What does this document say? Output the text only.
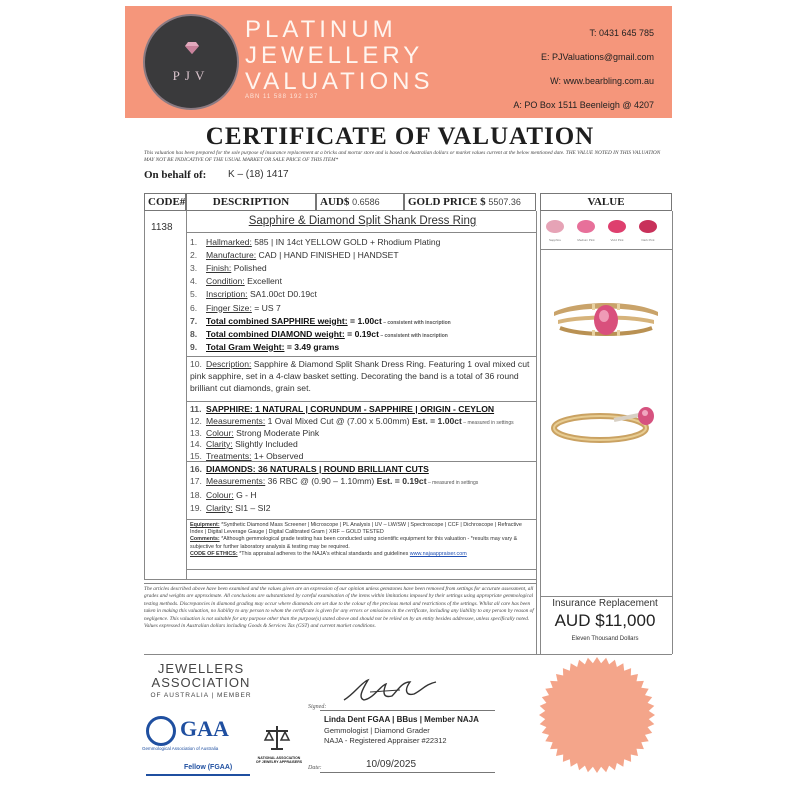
PJV
PLATINUM
JEWELLERY
VALUATIONS
ABN 11 588 192 137
T: 0431 645 785
E: PJValuations@gmail.com
W: www.bearbling.com.au
A: PO Box 1511 Beenleigh @ 4207
CERTIFICATE OF VALUATION
This valuation has been prepared for the sole purpose of insurance replacement at a bricks and mortar store and is based on Australian dollars or market values current at the below mentioned date. THE VALUE NOTED IN THIS VALUATION MAY NOT BE INDICATIVE OF THE USUAL MARKET OR SALE PRICE OF THIS ITEM*
On behalf of: K – (18) 1417
CODE#	DESCRIPTION	AUD$ 0.6586	GOLD PRICE $ 5507.36	VALUE
1138
Sapphire & Diamond Split Shank Dress Ring
1. Hallmarked: 585 | IN 14ct YELLOW GOLD + Rhodium Plating
2. Manufacture: CAD | HAND FINISHED | HANDSET
3. Finish: Polished
4. Condition: Excellent
5. Inscription: SA1.00ct D0.19ct
6. Finger Size: = US 7
7. Total combined SAPPHIRE weight: = 1.00ct – consistent with inscription
8. Total combined DIAMOND weight: = 0.19ct – consistent with inscription
9. Total Gram Weight: = 3.49 grams
12. Measurements: 1 Oval Mixed Cut @ (7.00 x 5.00mm) Est. = 1.00ct – measured in settings
13. Colour: Strong Moderate Pink
14. Clarity: Slightly Included
15. Treatments: 1+ Observed
17. Measurements: 36 RBC @ (0.90 – 1.10mm) Est. = 0.19ct – measured in settings
18. Colour: G - H
19. Clarity: SI1 – SI2
10. Description: Sapphire & Diamond Split Shank Dress Ring. Featuring 1 oval mixed cut pink sapphire, set in a 4-claw basket setting. Decorating the band is a total of 36 round brilliant cut diamonds, grain set.
11. SAPPHIRE: 1 NATURAL | CORUNDUM - SAPPHIRE | ORIGIN - CEYLON
16. DIAMONDS: 36 NATURALS | ROUND BRILLIANT CUTS
Equipment: *Synthetic Diamond Mass Screener | Microscope | PL Analysis | UV – LW/SW | Spectroscope | CCF | Dichroscope | Refractive Index | Digital Leverage Gauge | Digital Calibrated Gram | XRF – GOLD TESTED
Comments: *Although gemmological grade testing has been conducted using scientific equipment for this valuation - *results may vary & subjective for further laboratory analysis & testing may be required.
CODE OF ETHICS: *This appraisal adheres to the NAJA's ethical standards and guidelines www.najaappraiser.com
Sapphire	Medium Pink	Vivid Pink	Dark Pink
The articles described above have been examined and the values given are an expression of our opinion unless gemstones have been removed from settings for accurate assessment, all grades and weights are approximate. All conclusions are substantiated by careful examination of the items within limitations imposed by their settings using appropriate gemmological testing methods. Discrepancies in diamond grading may occur where diamonds are set due to the colour of the precious metal and restrictions of the settings. Whilst all care has been taken in making this valuation, no liability to any person to whom the certificate is given for any errors or omissions in the certificate, including any liability to any person by reason of negligence. This valuation is not suitable for any purpose other than the purpose(s) stated above and should not be relied on by an entity besides addressee, unless specifically noted. Values expressed in Australian dollars including Goods & Services Tax (GST) and current market conditions.
Insurance Replacement
AUD $11,000
Eleven Thousand Dollars
JEWELLERS
ASSOCIATION
OF AUSTRALIA | MEMBER
GAA
Gemmological Association of Australia
Fellow (FGAA)
NATIONAL ASSOCIATION OF JEWELRY APPRAISERS
Signed:
Linda Dent FGAA | BBus | Member NAJA
Gemmologist | Diamond Grader
NAJA - Registered Appraiser #22312
10/09/2025
Date:
